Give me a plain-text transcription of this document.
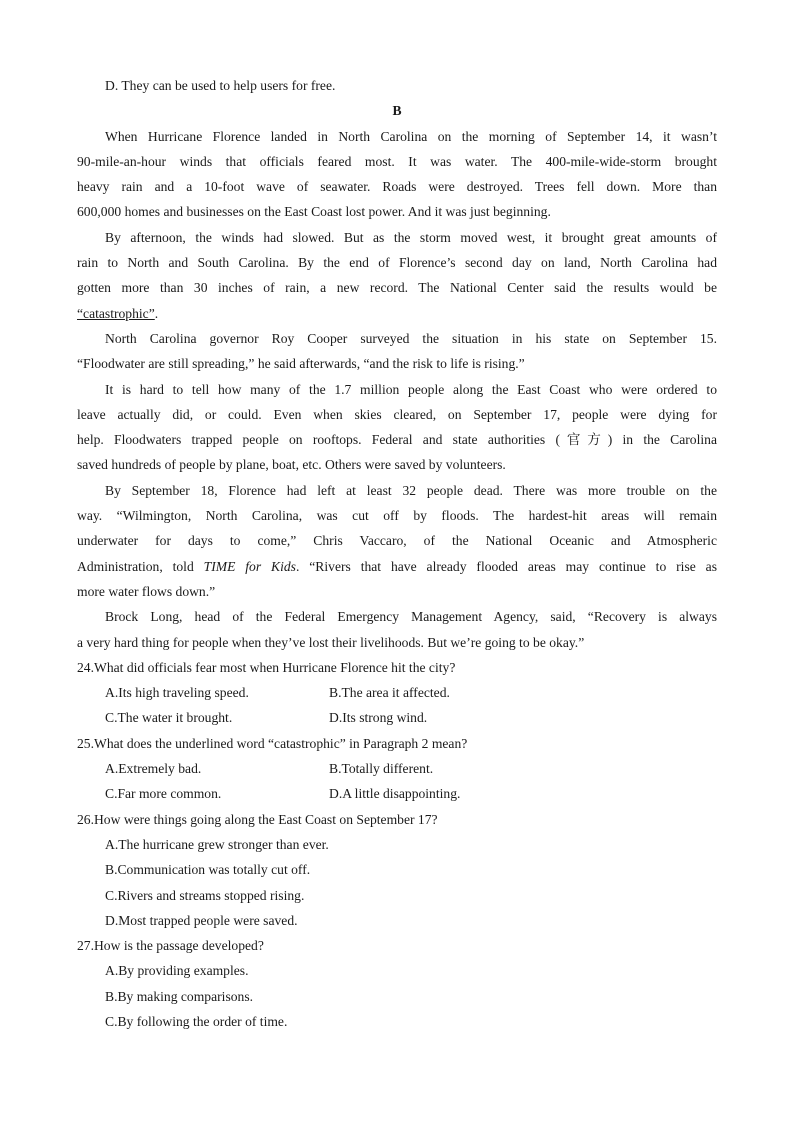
D. They can be used to help users for free.
B
When Hurricane Florence landed in North Carolina on the morning of September 14, it wasn’t
90-mile-an-hour winds that officials feared most. It was water. The 400-mile-wide-storm brought
heavy rain and a 10-foot wave of seawater. Roads were destroyed. Trees fell down. More than
600,000 homes and businesses on the East Coast lost power. And it was just beginning.
By afternoon, the winds had slowed. But as the storm moved west, it brought great amounts of
rain to North and South Carolina. By the end of Florence’s second day on land, North Carolina had
gotten more than 30 inches of rain, a new record. The National Center said the results would be
“catastrophic”.
North Carolina governor Roy Cooper surveyed the situation in his state on September 15.
“Floodwater are still spreading,” he said afterwards, “and the risk to life is rising.”
It is hard to tell how many of the 1.7 million people along the East Coast who were ordered to
leave actually did, or could. Even when skies cleared, on September 17, people were dying for
help. Floodwaters trapped people on rooftops. Federal and state authorities (官方) in the Carolina
saved hundreds of people by plane, boat, etc. Others were saved by volunteers.
By September 18, Florence had left at least 32 people dead. There was more trouble on the
way. “Wilmington, North Carolina, was cut off by floods. The hardest-hit areas will remain
underwater for days to come,” Chris Vaccaro, of the National Oceanic and Atmospheric
Administration, told TIME for Kids. “Rivers that have already flooded areas may continue to rise as
more water flows down.”
Brock Long, head of the Federal Emergency Management Agency, said, “Recovery is always
a very hard thing for people when they’ve lost their livelihoods. But we’re going to be okay.”
24.What did officials fear most when Hurricane Florence hit the city?
A.Its high traveling speed.	B.The area it affected.
C.The water it brought.	D.Its strong wind.
25.What does the underlined word “catastrophic” in Paragraph 2 mean?
A.Extremely bad.	B.Totally different.
C.Far more common.	D.A little disappointing.
26.How were things going along the East Coast on September 17?
A.The hurricane grew stronger than ever.
B.Communication was totally cut off.
C.Rivers and streams stopped rising.
D.Most trapped people were saved.
27.How is the passage developed?
A.By providing examples.
B.By making comparisons.
C.By following the order of time.
